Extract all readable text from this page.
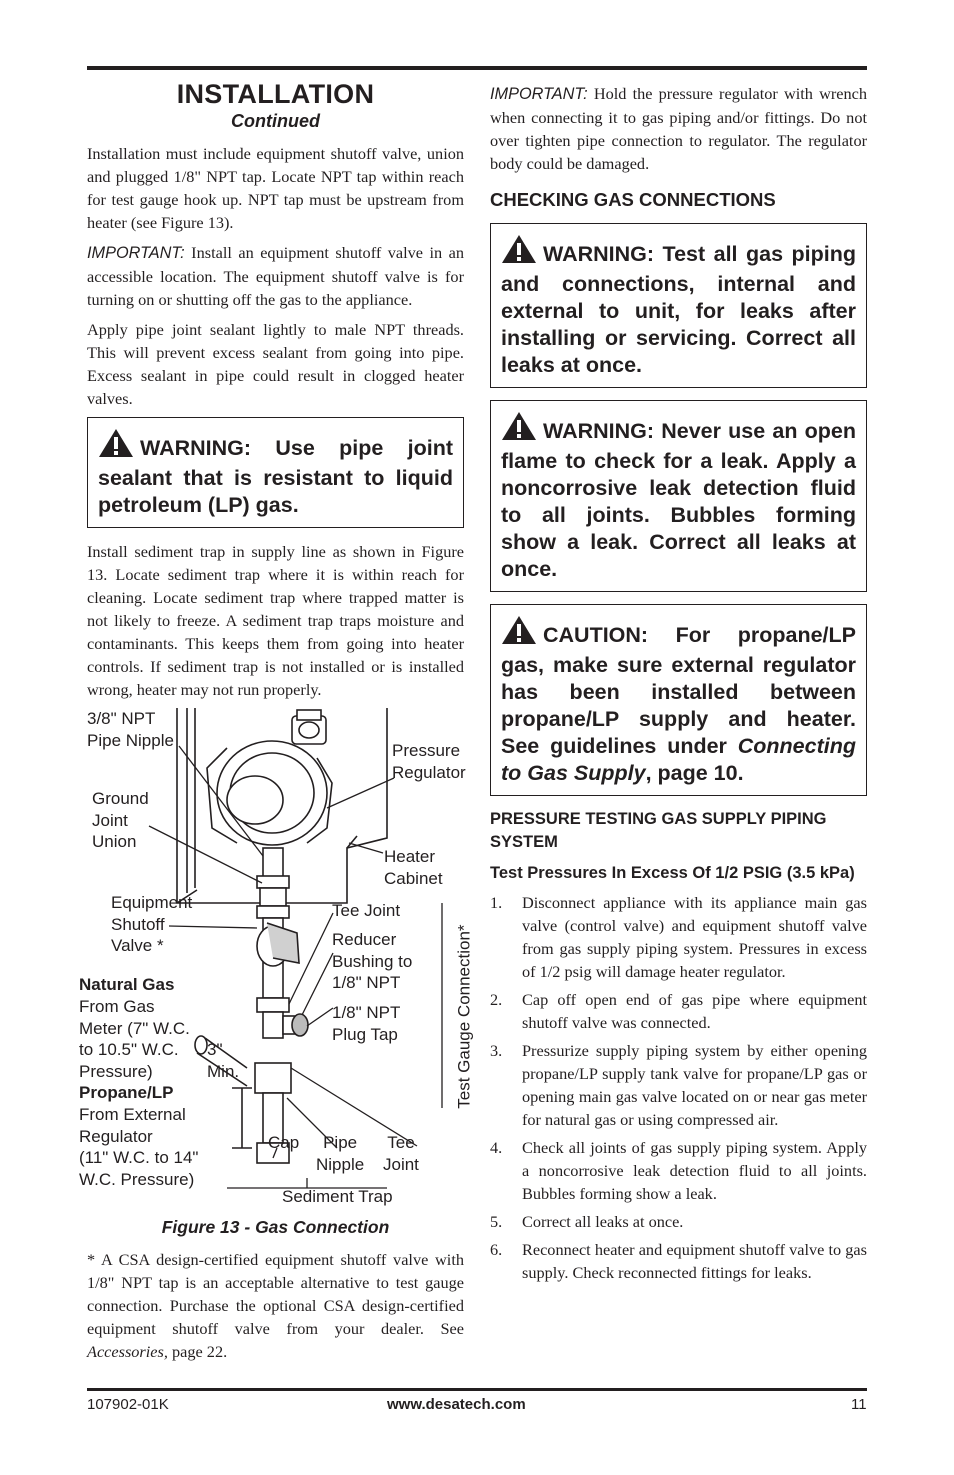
INSTALLATION
Continued

Installation must include equipment shutoff valve, union and plugged 1/8" NPT tap. Locate NPT tap within reach for test gauge hook up. NPT tap must be upstream from heater (see Figure 13).

IMPORTANT: Install an equipment shutoff valve in an accessible location. The equipment shutoff valve is for turning on or shutting off the gas to the appliance.

Apply pipe joint sealant lightly to male NPT threads. This will prevent excess sealant from going into pipe. Excess sealant in pipe could result in clogged heater valves.

WARNING: Use pipe joint sealant that is resistant to liquid petroleum (LP) gas.

Install sediment trap in supply line as shown in Figure 13. Locate sediment trap where it is within reach for cleaning. Locate sediment trap where trapped matter is not likely to freeze. A sediment trap traps moisture and contaminants. This keeps them from going into heater controls. If sediment trap is not installed or is installed wrong, heater may not run properly.

3/8" NPT
Pipe Nipple
Pressure
Regulator
Ground
Joint
Union
Heater
Cabinet
Equipment
Shutoff
Valve *
Tee Joint
Reducer
Bushing to
1/8" NPT
1/8" NPT
Plug Tap	Test Gauge Connection*
Natural Gas
From Gas
Meter (7" W.C.
to 10.5" W.C.
Pressure)
3"
Min.
Propane/LP
From External
Regulator
(11" W.C. to 14"
W.C. Pressure)
Cap	Pipe
Nipple
Tee
Joint
Sediment Trap
Figure 13 - Gas Connection

* A CSA design-certified equipment shutoff valve with 1/8" NPT tap is an acceptable alternative to test gauge connection. Purchase the optional CSA design-certified equipment shutoff valve from your dealer. See Accessories, page 22.

IMPORTANT: Hold the pressure regulator with wrench when connecting it to gas piping and/or fittings. Do not over tighten pipe connection to regulator. The regulator body could be damaged.

CHECKING GAS CONNECTIONS
WARNING: Test all gas piping and connections, internal and external to unit, for leaks after installing or servicing. Correct all leaks at once.
WARNING: Never use an open flame to check for a leak. Apply a noncorrosive leak detection fluid to all joints. Bubbles forming show a leak. Correct all leaks at once.
CAUTION: For propane/LP gas, make sure external regulator has been installed between propane/LP supply and heater. See guidelines under Connecting to Gas Supply, page 10.
PRESSURE TESTING GAS SUPPLY PIPING SYSTEM
Test Pressures In Excess Of 1/2 PSIG (3.5 kPa)
1. Disconnect appliance with its appliance main gas valve (control valve) and equipment shutoff valve from gas supply piping system. Pressures in excess of 1/2 psig will damage heater regulator.
2. Cap off open end of gas pipe where equipment shutoff valve was connected.
3. Pressurize supply piping system by either opening propane/LP supply tank valve for propane/LP gas or opening main gas valve located on or near gas meter for natural gas or using compressed air.
4. Check all joints of gas supply piping system. Apply a noncorrosive leak detection fluid to all joints. Bubbles forming show a leak.
5. Correct all leaks at once.
6. Reconnect heater and equipment shutoff valve to gas supply. Check reconnected fittings for leaks.
107902-01K	www.desatech.com	11
